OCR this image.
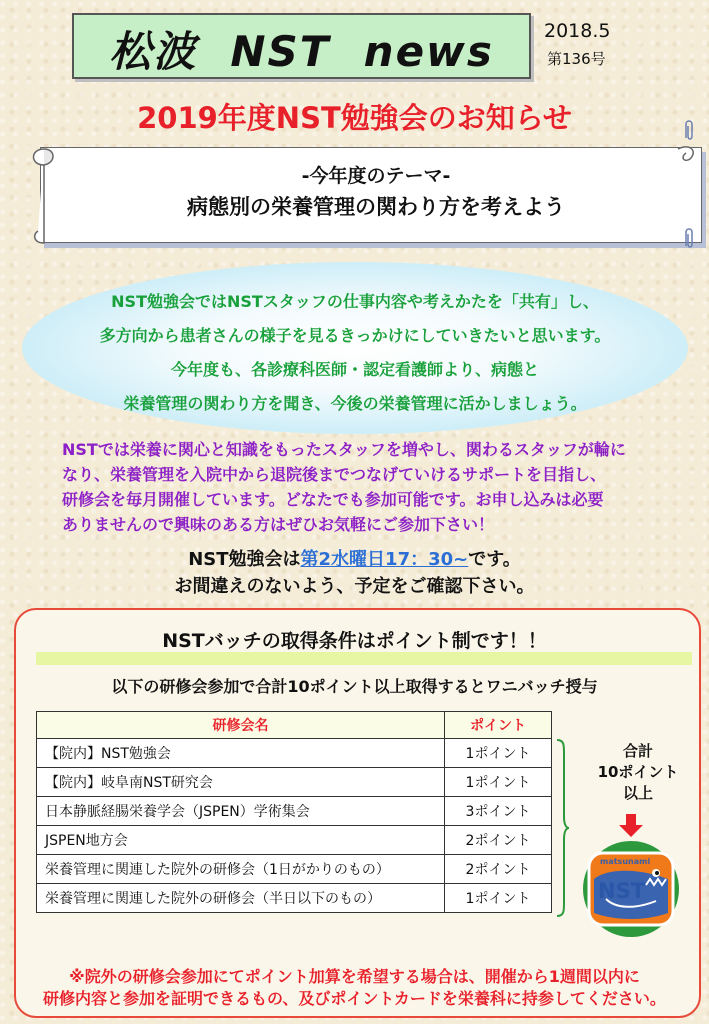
松波  NST  news	2018.5
第136号
2019年度NST勉強会のお知らせ
-今年度のテーマ-
病態別の栄養管理の関わり方を考えよう
NST勉強会ではNSTスタッフの仕事内容や考えかたを「共有」し、
多方向から患者さんの様子を見るきっかけにしていきたいと思います。
今年度も、各診療科医師・認定看護師より、病態と
栄養管理の関わり方を聞き、今後の栄養管理に活かしましょう。
NSTでは栄養に関心と知識をもったスタッフを増やし、関わるスタッフが輪に
なり、栄養管理を入院中から退院後までつなげていけるサポートを目指し、
研修会を毎月開催しています。どなたでも参加可能です。お申し込みは必要
ありませんので興味のある方はぜひお気軽にご参加下さい！
NST勉強会は第2水曜日17：30~です。
お間違えのないよう、予定をご確認下さい。
NSTバッチの取得条件はポイント制です！！
以下の研修会参加で合計10ポイント以上取得するとワニバッチ授与
研修会名	ポイント
【院内】NST勉強会	1ポイント
【院内】岐阜南NST研究会	1ポイント
日本静脈経腸栄養学会（JSPEN）学術集会	3ポイント
JSPEN地方会	2ポイント
栄養管理に関連した院外の研修会（1日がかりのもの）	2ポイント
栄養管理に関連した院外の研修会（半日以下のもの）	1ポイント
合計
10ポイント
以上
matsunami
NST
※院外の研修会参加にてポイント加算を希望する場合は、開催から1週間以内に
研修内容と参加を証明できるもの、及びポイントカードを栄養科に持参してください。
